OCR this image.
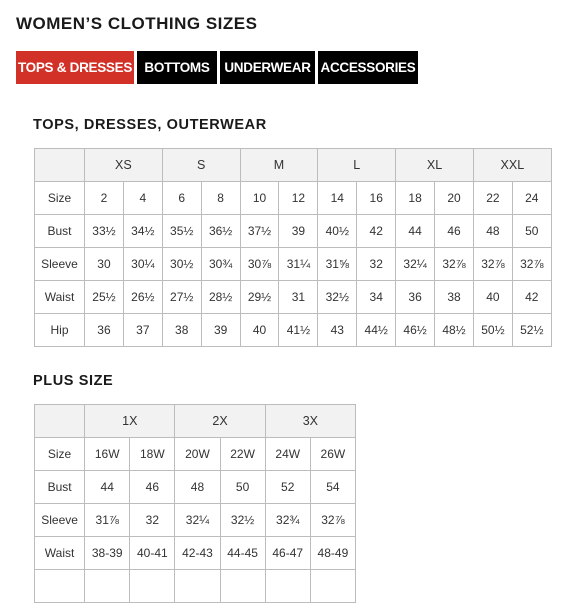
WOMEN’S CLOTHING SIZES
TOPS & DRESSES BOTTOMS	UNDERWEAR ACCESSORIES
TOPS, DRESSES, OUTERWEAR
	XS		S		M		L		XL		XXL	
Size	2	4	6	8	10	12	14	16	18	20	22	24
Bust	33½	34½	35½	36½	37½	39	40½	42	44	46	48	50
Sleeve	30	30¼	30½	30¾	30⅞	31¼	31⅝	32	32¼	32⅞	32⅞	32⅞
Waist	25½	26½	27½	28½	29½	31	32½	34	36	38	40	42
Hip	36	37	38	39	40	41½	43	44½	46½	48½	50½	52½
PLUS SIZE
	1X		2X		3X	
Size	16W	18W	20W	22W	24W	26W
Bust	44	46	48	50	52	54
Sleeve	31⅞	32	32¼	32½	32¾	32⅞
Waist	38-39	40-41	42-43	44-45	46-47	48-49
